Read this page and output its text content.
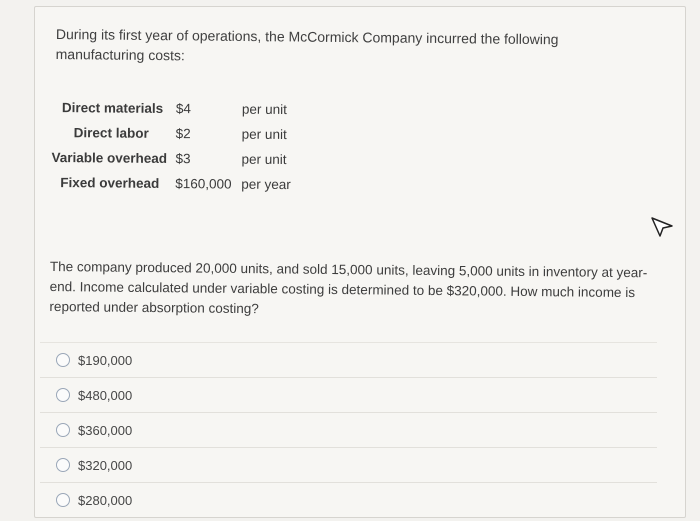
During its first year of operations, the McCormick Company incurred the following manufacturing costs:
Direct materials $4	per unit
Direct labor $2	per unit
Variable overhead $3	per unit
Fixed overhead $160,000 per year
The company produced 20,000 units, and sold 15,000 units, leaving 5,000 units in inventory at year-end. Income calculated under variable costing is determined to be $320,000. How much income is reported under absorption costing?
$190,000
$480,000
$360,000
$320,000
$280,000
